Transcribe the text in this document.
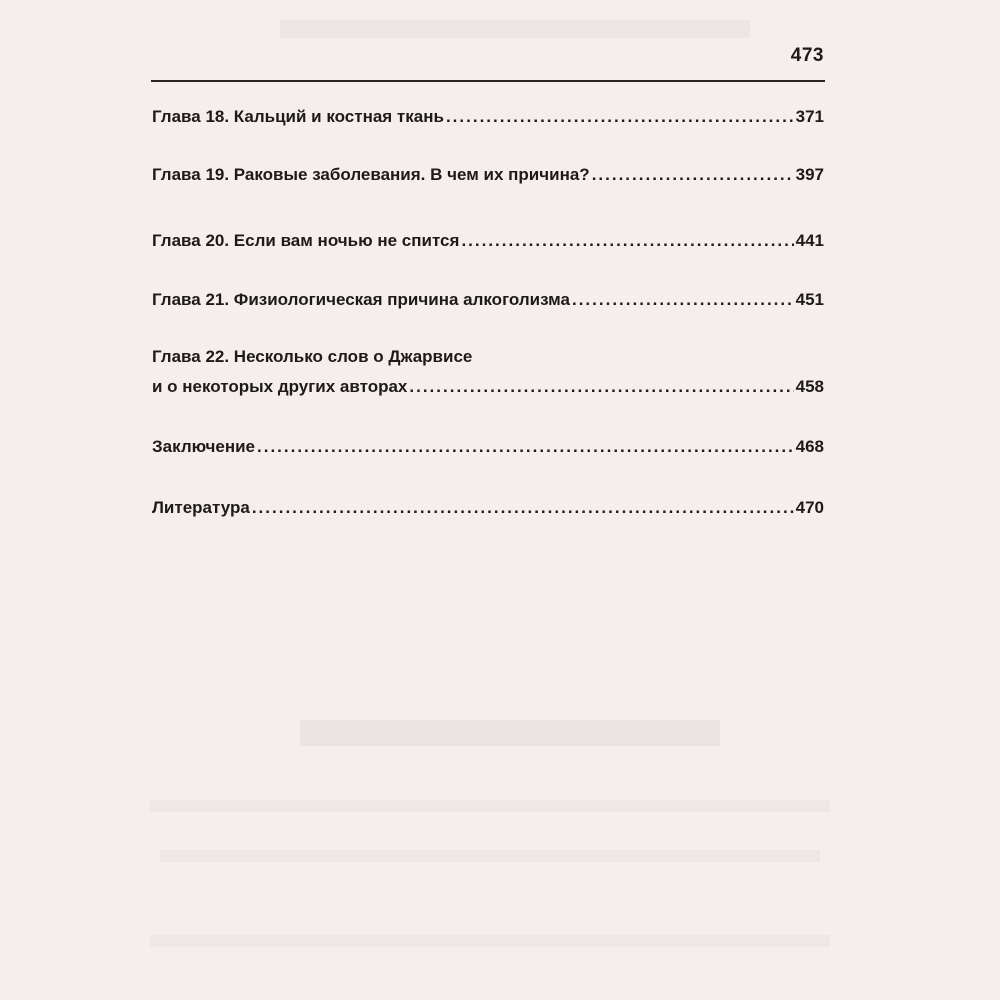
473
Глава 18. Кальций и костная ткань .....	371
Глава 19. Раковые заболевания. В чем их причина? .....	397
Глава 20. Если вам ночью не спится .....	441
Глава 21. Физиологическая причина алкоголизма .....	451
Глава 22. Несколько слов о Джарвисе
и о некоторых других авторах .....	458
Заключение .....	468
Литература .....	470
